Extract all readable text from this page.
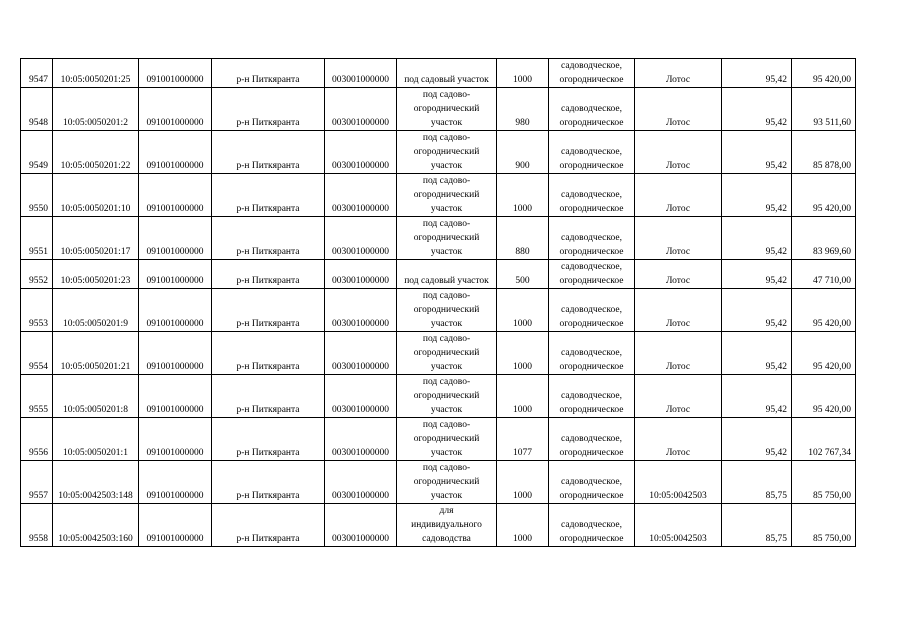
9547	10:05:0050201:25	091001000000	р-н Питкяранта	003001000000	под садовый участок	1000	садоводческое,
огородническое	Лотос	95,42	95 420,00
9548	10:05:0050201:2	091001000000	р-н Питкяранта	003001000000	под садово-
огороднический
участок	980	садоводческое,
огородническое	Лотос	95,42	93 511,60
9549	10:05:0050201:22	091001000000	р-н Питкяранта	003001000000	под садово-
огороднический
участок	900	садоводческое,
огородническое	Лотос	95,42	85 878,00
9550	10:05:0050201:10	091001000000	р-н Питкяранта	003001000000	под садово-
огороднический
участок	1000	садоводческое,
огородническое	Лотос	95,42	95 420,00
9551	10:05:0050201:17	091001000000	р-н Питкяранта	003001000000	под садово-
огороднический
участок	880	садоводческое,
огородническое	Лотос	95,42	83 969,60
9552	10:05:0050201:23	091001000000	р-н Питкяранта	003001000000	под садовый участок	500	садоводческое,
огородническое	Лотос	95,42	47 710,00
9553	10:05:0050201:9	091001000000	р-н Питкяранта	003001000000	под садово-
огороднический
участок	1000	садоводческое,
огородническое	Лотос	95,42	95 420,00
9554	10:05:0050201:21	091001000000	р-н Питкяранта	003001000000	под садово-
огороднический
участок	1000	садоводческое,
огородническое	Лотос	95,42	95 420,00
9555	10:05:0050201:8	091001000000	р-н Питкяранта	003001000000	под садово-
огороднический
участок	1000	садоводческое,
огородническое	Лотос	95,42	95 420,00
9556	10:05:0050201:1	091001000000	р-н Питкяранта	003001000000	под садово-
огороднический
участок	1077	садоводческое,
огородническое	Лотос	95,42	102 767,34
9557	10:05:0042503:148	091001000000	р-н Питкяранта	003001000000	под садово-
огороднический
участок	1000	садоводческое,
огородническое	10:05:0042503	85,75	85 750,00
9558	10:05:0042503:160	091001000000	р-н Питкяранта	003001000000	для
индивидуального
садоводства	1000	садоводческое,
огородническое	10:05:0042503	85,75	85 750,00
